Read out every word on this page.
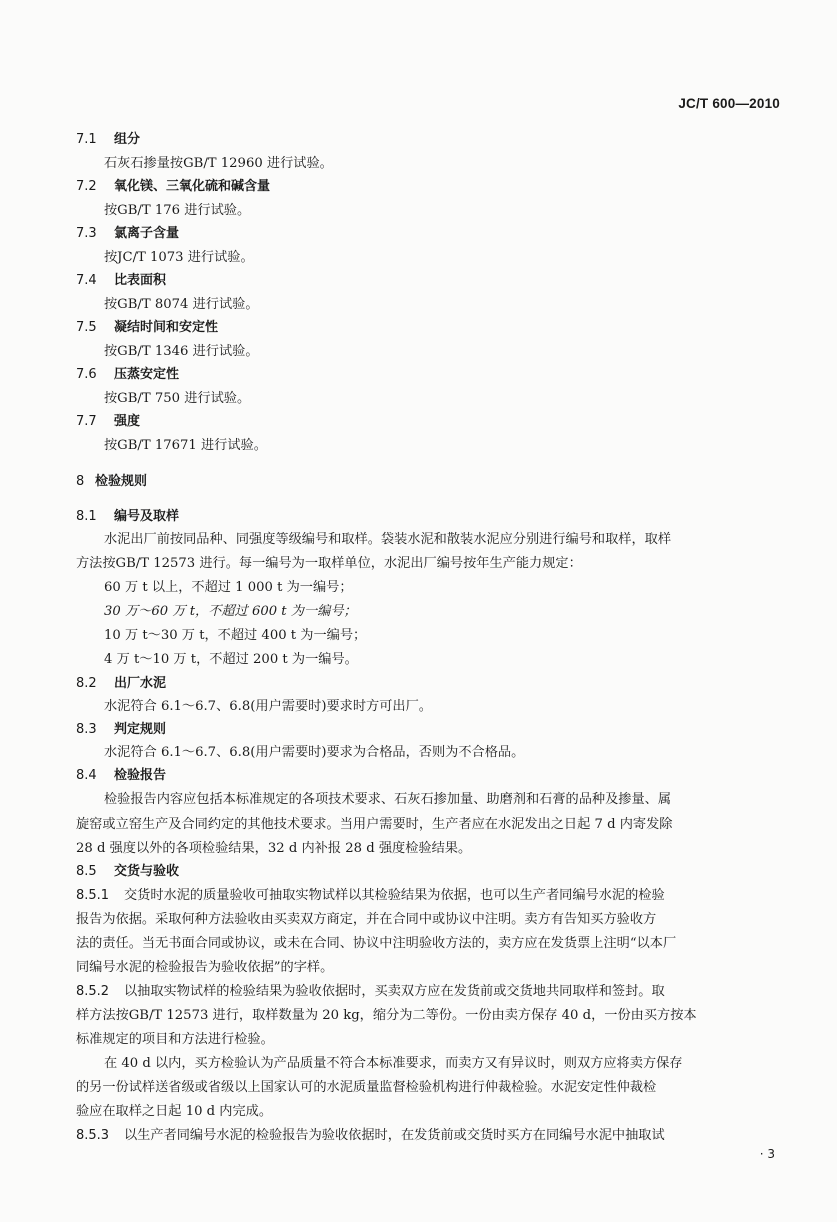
JC/T 600—2010
7.1 组分
石灰石掺量按GB/T 12960 进行试验。
7.2 氧化镁、三氧化硫和碱含量
按GB/T 176 进行试验。
7.3 氯离子含量
按JC/T 1073 进行试验。
7.4 比表面积
按GB/T 8074 进行试验。
7.5 凝结时间和安定性
按GB/T 1346 进行试验。
7.6 压蒸安定性
按GB/T 750 进行试验。
7.7 强度
按GB/T 17671 进行试验。
8 检验规则
8.1 编号及取样
水泥出厂前按同品种、同强度等级编号和取样。袋装水泥和散装水泥应分别进行编号和取样，取样
方法按GB/T 12573 进行。每一编号为一取样单位，水泥出厂编号按年生产能力规定：
60 万 t 以上，不超过 1 000 t 为一编号；
30 万～60 万 t，不超过 600 t 为一编号；
10 万 t～30 万 t，不超过 400 t 为一编号；
4 万 t～10 万 t，不超过 200 t 为一编号。
8.2 出厂水泥
水泥符合 6.1～6.7、6.8(用户需要时)要求时方可出厂。
8.3 判定规则
水泥符合 6.1～6.7、6.8(用户需要时)要求为合格品，否则为不合格品。
8.4 检验报告
检验报告内容应包括本标准规定的各项技术要求、石灰石掺加量、助磨剂和石膏的品种及掺量、属
旋窑或立窑生产及合同约定的其他技术要求。当用户需要时，生产者应在水泥发出之日起 7 d 内寄发除
28 d 强度以外的各项检验结果，32 d 内补报 28 d 强度检验结果。
8.5 交货与验收
8.5.1 交货时水泥的质量验收可抽取实物试样以其检验结果为依据，也可以生产者同编号水泥的检验
报告为依据。采取何种方法验收由买卖双方商定，并在合同中或协议中注明。卖方有告知买方验收方
法的责任。当无书面合同或协议，或未在合同、协议中注明验收方法的，卖方应在发货票上注明“以本厂
同编号水泥的检验报告为验收依据”的字样。
8.5.2 以抽取实物试样的检验结果为验收依据时，买卖双方应在发货前或交货地共同取样和签封。取
样方法按GB/T 12573 进行，取样数量为 20 kg，缩分为二等份。一份由卖方保存 40 d，一份由买方按本
标准规定的项目和方法进行检验。
在 40 d 以内，买方检验认为产品质量不符合本标准要求，而卖方又有异议时，则双方应将卖方保存
的另一份试样送省级或省级以上国家认可的水泥质量监督检验机构进行仲裁检验。水泥安定性仲裁检
验应在取样之日起 10 d 内完成。
8.5.3 以生产者同编号水泥的检验报告为验收依据时，在发货前或交货时买方在同编号水泥中抽取试
· 3
